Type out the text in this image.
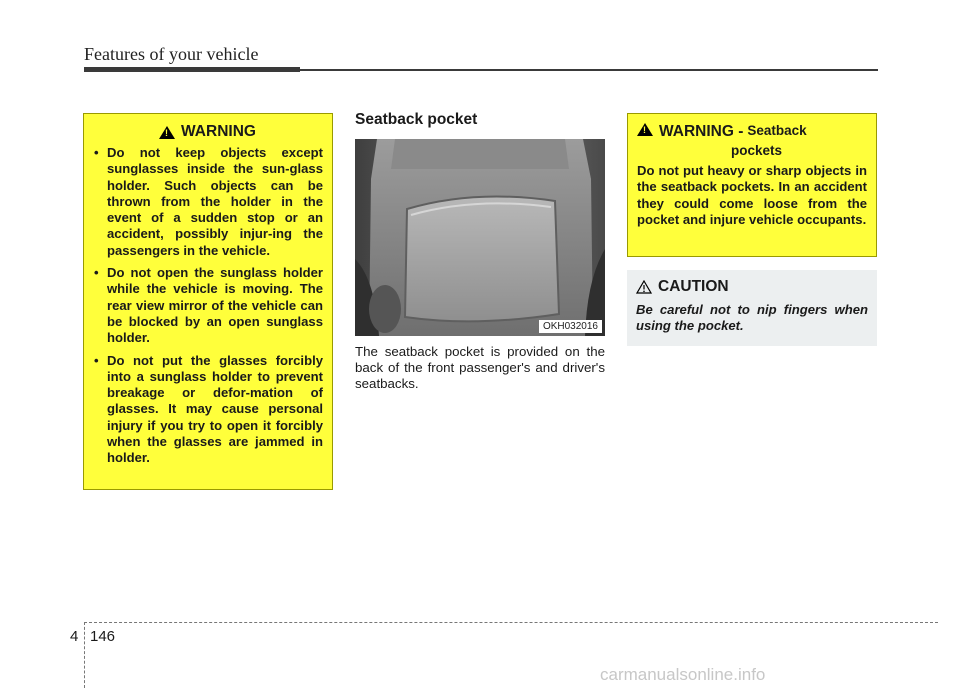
Features of your vehicle
!
WARNING
• Do not keep objects except sunglasses inside the sun-glass holder. Such objects can be thrown from the holder in the event of a sudden stop or an accident, possibly injur-ing the passengers in the vehicle.
• Do not open the sunglass holder while the vehicle is moving. The rear view mirror of the vehicle can be blocked by an open sunglass holder.
• Do not put the glasses forcibly into a sunglass holder to prevent breakage or defor-mation of glasses. It may cause personal injury if you try to open it forcibly when the glasses are jammed in holder.
Seatback pocket
OKH032016
The seatback pocket is provided on the back of the front passenger's and driver's seatbacks.
!
WARNING - Seatback
pockets
Do not put heavy or sharp objects in the seatback pockets. In an accident they could come loose from the pocket and injure vehicle occupants.
CAUTION
Be careful not to nip fingers when using the pocket.
4 146
carmanualsonline.info
